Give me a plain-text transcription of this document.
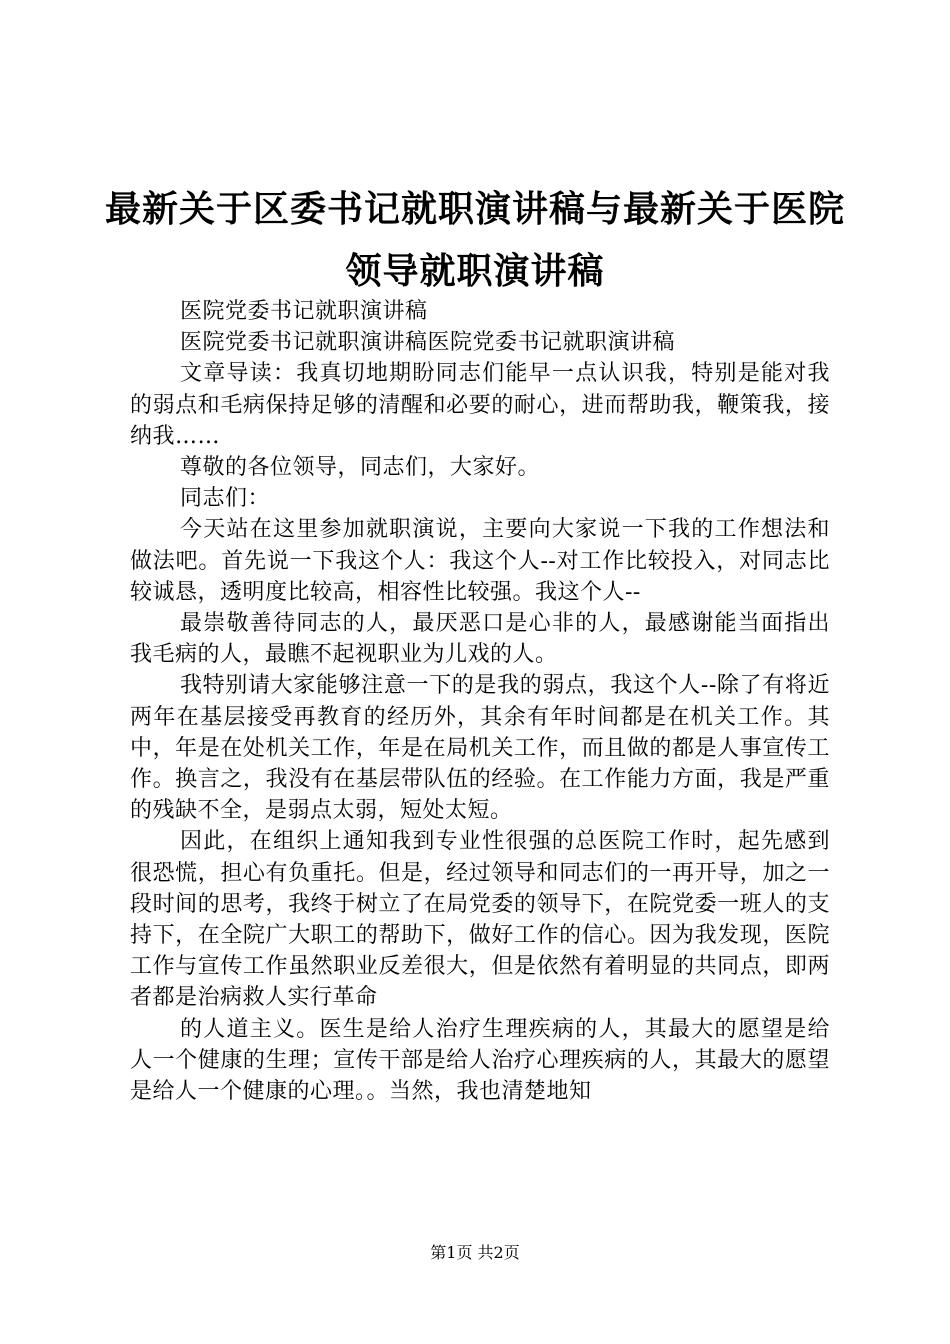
最新关于区委书记就职演讲稿与最新关于医院
领导就职演讲稿

医院党委书记就职演讲稿

医院党委书记就职演讲稿医院党委书记就职演讲稿

文章导读：我真切地期盼同志们能早一点认识我，特别是能对我的弱点和毛病保持足够的清醒和必要的耐心，进而帮助我，鞭策我，接纳我……

尊敬的各位领导，同志们，大家好。

同志们：

今天站在这里参加就职演说，主要向大家说一下我的工作想法和做法吧。首先说一下我这个人：我这个人--对工作比较投入，对同志比较诚恳，透明度比较高，相容性比较强。我这个人--

最崇敬善待同志的人，最厌恶口是心非的人，最感谢能当面指出我毛病的人，最瞧不起视职业为儿戏的人。

我特别请大家能够注意一下的是我的弱点，我这个人--除了有将近两年在基层接受再教育的经历外，其余有年时间都是在机关工作。其中，年是在处机关工作，年是在局机关工作，而且做的都是人事宣传工作。换言之，我没有在基层带队伍的经验。在工作能力方面，我是严重的残缺不全，是弱点太弱，短处太短。

因此，在组织上通知我到专业性很强的总医院工作时，起先感到很恐慌，担心有负重托。但是，经过领导和同志们的一再开导，加之一段时间的思考，我终于树立了在局党委的领导下，在院党委一班人的支持下，在全院广大职工的帮助下，做好工作的信心。因为我发现，医院工作与宣传工作虽然职业反差很大，但是依然有着明显的共同点，即两者都是治病救人实行革命

的人道主义。医生是给人治疗生理疾病的人，其最大的愿望是给人一个健康的生理；宣传干部是给人治疗心理疾病的人，其最大的愿望是给人一个健康的心理。。当然，我也清楚地知

第1页 共2页
